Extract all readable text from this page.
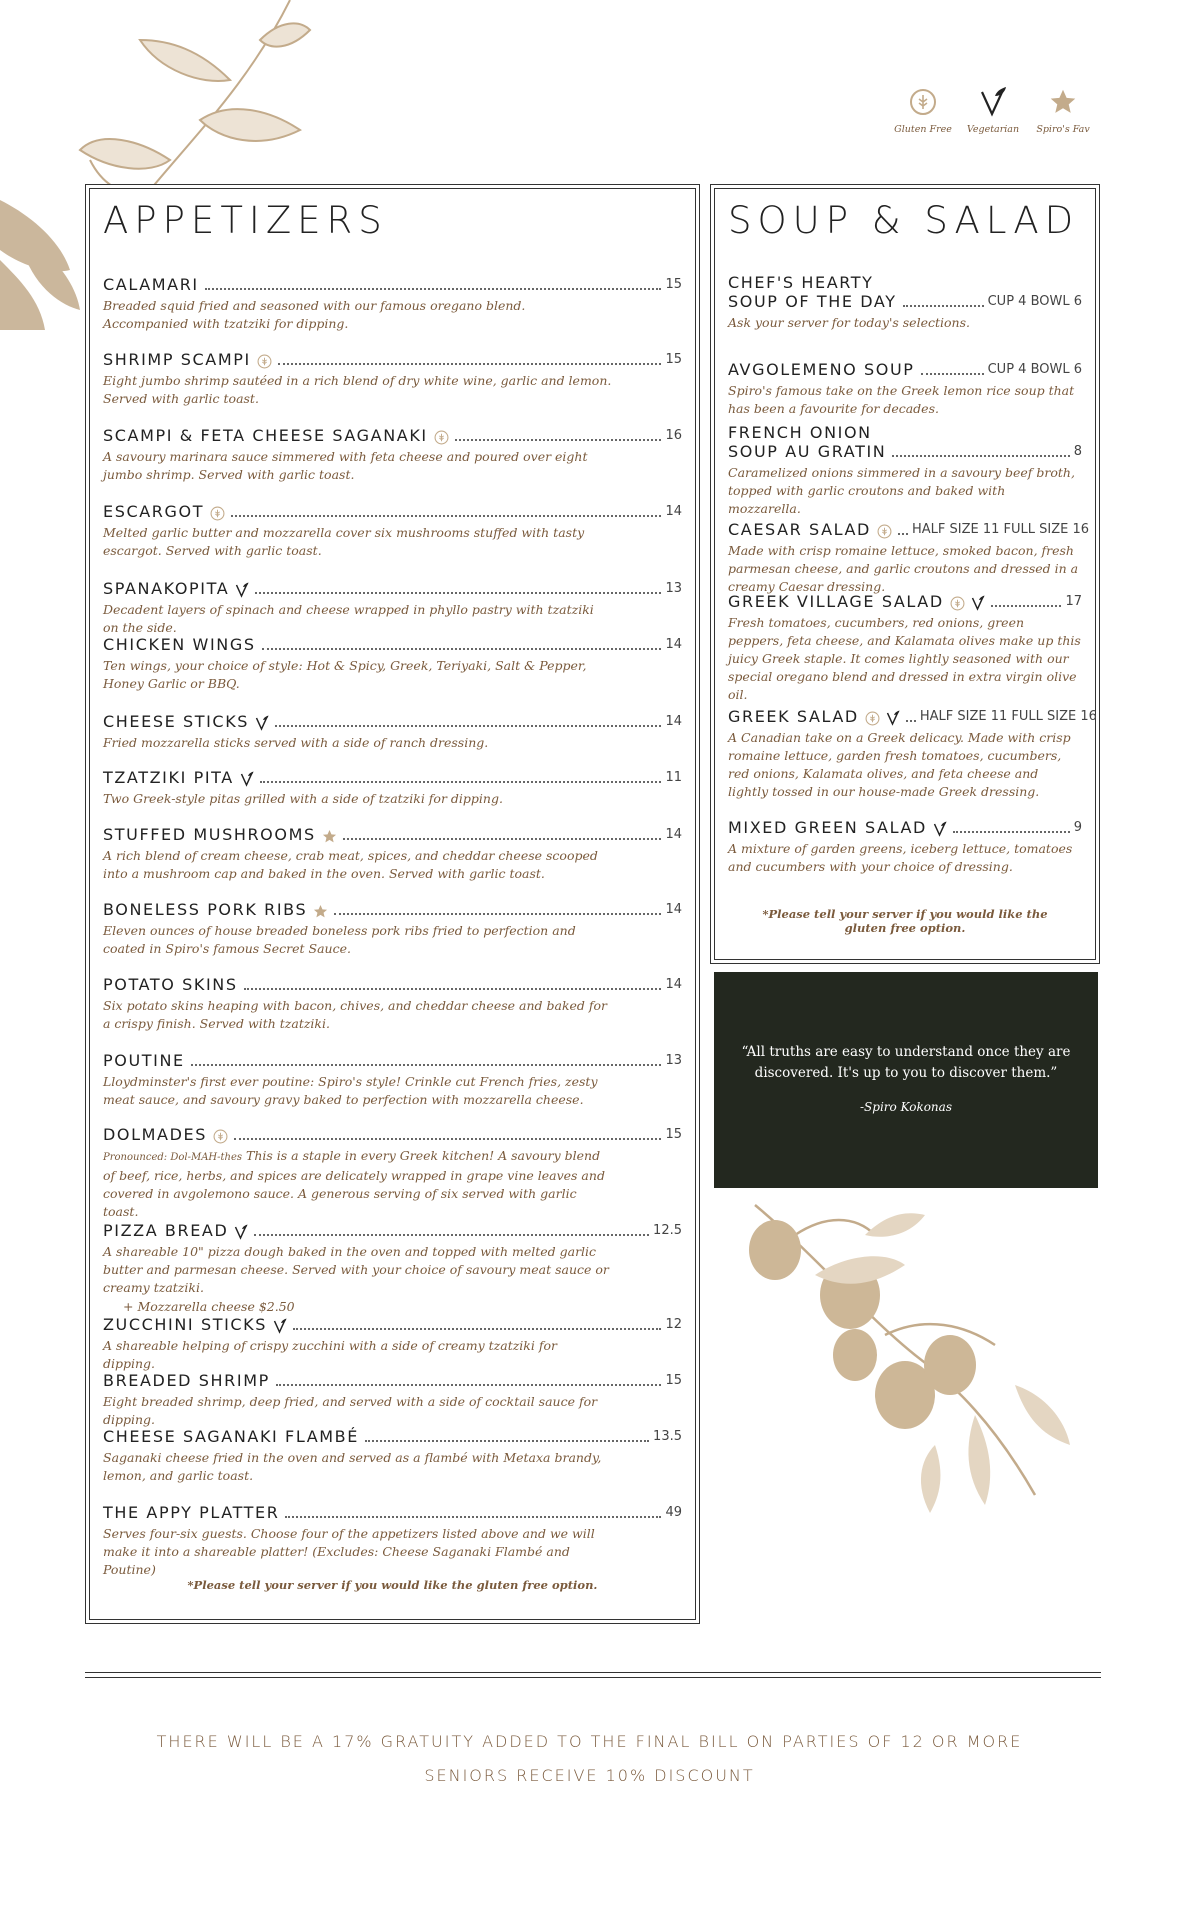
Gluten Free Vegetarian Spiro's Fav
APPETIZERS
CALAMARI	15
Breaded squid fried and seasoned with our famous oregano blend. Accompanied with tzatziki for dipping.
SHRIMP SCAMPI	15
Eight jumbo shrimp sautéed in a rich blend of dry white wine, garlic and lemon. Served with garlic toast.
SCAMPI & FETA CHEESE SAGANAKI	16
A savoury marinara sauce simmered with feta cheese and poured over eight jumbo shrimp. Served with garlic toast.
ESCARGOT	14
Melted garlic butter and mozzarella cover six mushrooms stuffed with tasty escargot. Served with garlic toast.
SPANAKOPITA	13
Decadent layers of spinach and cheese wrapped in phyllo pastry with tzatziki on the side.
CHICKEN WINGS	14
Ten wings, your choice of style: Hot & Spicy, Greek, Teriyaki, Salt & Pepper, Honey Garlic or BBQ.
CHEESE STICKS	14
Fried mozzarella sticks served with a side of ranch dressing.
TZATZIKI PITA	11
Two Greek-style pitas grilled with a side of tzatziki for dipping.
STUFFED MUSHROOMS	14
A rich blend of cream cheese, crab meat, spices, and cheddar cheese scooped into a mushroom cap and baked in the oven. Served with garlic toast.
BONELESS PORK RIBS	14
Eleven ounces of house breaded boneless pork ribs fried to perfection and coated in Spiro's famous Secret Sauce.
POTATO SKINS	14
Six potato skins heaping with bacon, chives, and cheddar cheese and baked for a crispy finish. Served with tzatziki.
POUTINE	13
Lloydminster's first ever poutine: Spiro's style! Crinkle cut French fries, zesty meat sauce, and savoury gravy baked to perfection with mozzarella cheese.
DOLMADES	15
Pronounced: Dol-MAH-thes This is a staple in every Greek kitchen! A savoury blend of beef, rice, herbs, and spices are delicately wrapped in grape vine leaves and covered in avgolemono sauce. A generous serving of six served with garlic toast.
PIZZA BREAD	12.5
A shareable 10" pizza dough baked in the oven and topped with melted garlic butter and parmesan cheese. Served with your choice of savoury meat sauce or creamy tzatziki.
+ Mozzarella cheese $2.50
ZUCCHINI STICKS	12
A shareable helping of crispy zucchini with a side of creamy tzatziki for dipping.
BREADED SHRIMP	15
Eight breaded shrimp, deep fried, and served with a side of cocktail sauce for dipping.
CHEESE SAGANAKI FLAMBÉ	13.5
Saganaki cheese fried in the oven and served as a flambé with Metaxa brandy, lemon, and garlic toast.
THE APPY PLATTER	49
Serves four-six guests. Choose four of the appetizers listed above and we will make it into a shareable platter! (Excludes: Cheese Saganaki Flambé and Poutine)
*Please tell your server if you would like the gluten free option.
SOUP & SALAD
CHEF'S HEARTY
SOUP OF THE DAY	CUP 4 BOWL 6
Ask your server for today's selections.
AVGOLEMENO SOUP	CUP 4 BOWL 6
Spiro's famous take on the Greek lemon rice soup that has been a favourite for decades.
FRENCH ONION
SOUP AU GRATIN	8
Caramelized onions simmered in a savoury beef broth, topped with garlic croutons and baked with mozzarella.
CAESAR SALAD	HALF SIZE 11 FULL SIZE 16
Made with crisp romaine lettuce, smoked bacon, fresh parmesan cheese, and garlic croutons and dressed in a creamy Caesar dressing.
GREEK VILLAGE SALAD	17
Fresh tomatoes, cucumbers, red onions, green peppers, feta cheese, and Kalamata olives make up this juicy Greek staple. It comes lightly seasoned with our special oregano blend and dressed in extra virgin olive oil.
GREEK SALAD	HALF SIZE 11 FULL SIZE 16
A Canadian take on a Greek delicacy. Made with crisp romaine lettuce, garden fresh tomatoes, cucumbers, red onions, Kalamata olives, and feta cheese and lightly tossed in our house-made Greek dressing.
MIXED GREEN SALAD	9
A mixture of garden greens, iceberg lettuce, tomatoes and cucumbers with your choice of dressing.
*Please tell your server if you would like the gluten free option.
“All truths are easy to understand once they are discovered. It's up to you to discover them.”
-Spiro Kokonas
THERE WILL BE A 17% GRATUITY ADDED TO THE FINAL BILL ON PARTIES OF 12 OR MORE
SENIORS RECEIVE 10% DISCOUNT
